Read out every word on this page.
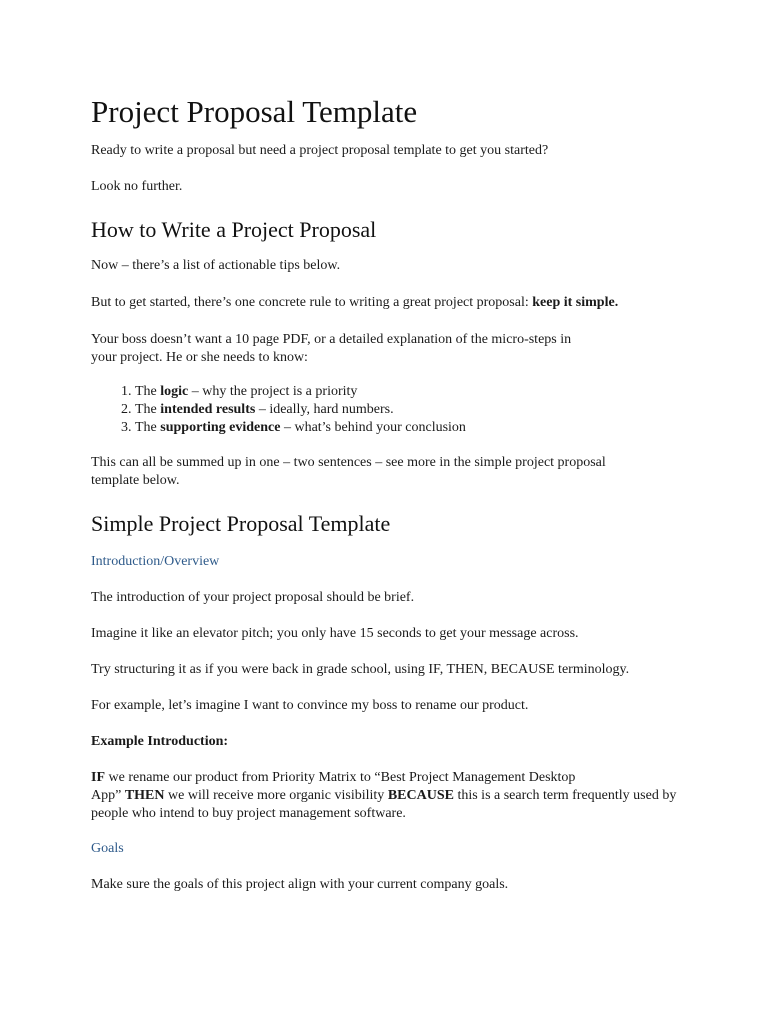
Project Proposal Template

Ready to write a proposal but need a project proposal template to get you started?

Look no further.

How to Write a Project Proposal

Now – there’s a list of actionable tips below.

But to get started, there’s one concrete rule to writing a great project proposal: keep it simple.

Your boss doesn’t want a 10 page PDF, or a detailed explanation of the micro-steps in
your project. He or she needs to know:

1. The logic – why the project is a priority
2. The intended results – ideally, hard numbers.
3. The supporting evidence – what’s behind your conclusion

This can all be summed up in one – two sentences – see more in the simple project proposal template below.

Simple Project Proposal Template
Introduction/Overview

The introduction of your project proposal should be brief.

Imagine it like an elevator pitch; you only have 15 seconds to get your message across.

Try structuring it as if you were back in grade school, using IF, THEN, BECAUSE terminology.

For example, let’s imagine I want to convince my boss to rename our product.

Example Introduction:

IF we rename our product from Priority Matrix to “Best Project Management Desktop
App” THEN we will receive more organic visibility BECAUSE this is a search term frequently used by people who intend to buy project management software.

Goals

Make sure the goals of this project align with your current company goals.
